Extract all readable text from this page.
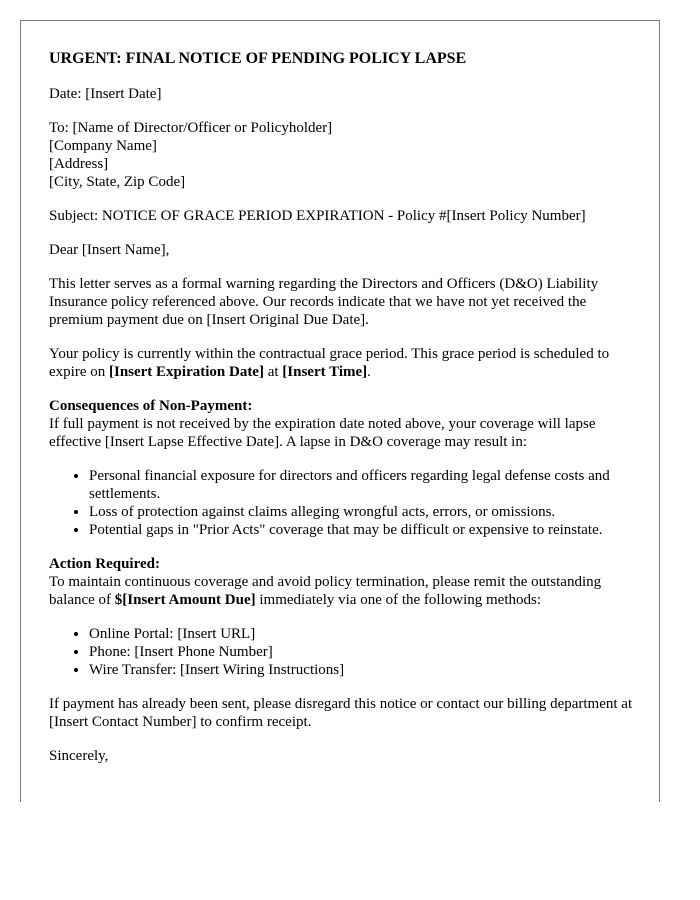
URGENT: FINAL NOTICE OF PENDING POLICY LAPSE

Date: [Insert Date]

To: [Name of Director/Officer or Policyholder]
[Company Name]
[Address]
[City, State, Zip Code]

Subject: NOTICE OF GRACE PERIOD EXPIRATION - Policy #[Insert Policy Number]

Dear [Insert Name],

This letter serves as a formal warning regarding the Directors and Officers (D&O) Liability Insurance policy referenced above. Our records indicate that we have not yet received the premium payment due on [Insert Original Due Date].

Your policy is currently within the contractual grace period. This grace period is scheduled to expire on [Insert Expiration Date] at [Insert Time].

Consequences of Non-Payment:

If full payment is not received by the expiration date noted above, your coverage will lapse effective [Insert Lapse Effective Date]. A lapse in D&O coverage may result in:

• Personal financial exposure for directors and officers regarding legal defense costs and settlements.
• Loss of protection against claims alleging wrongful acts, errors, or omissions.
• Potential gaps in "Prior Acts" coverage that may be difficult or expensive to reinstate.
Action Required:

To maintain continuous coverage and avoid policy termination, please remit the outstanding balance of $[Insert Amount Due] immediately via one of the following methods:

• Online Portal: [Insert URL]
• Phone: [Insert Phone Number]
• Wire Transfer: [Insert Wiring Instructions]

If payment has already been sent, please disregard this notice or contact our billing department at [Insert Contact Number] to confirm receipt.

Sincerely,
